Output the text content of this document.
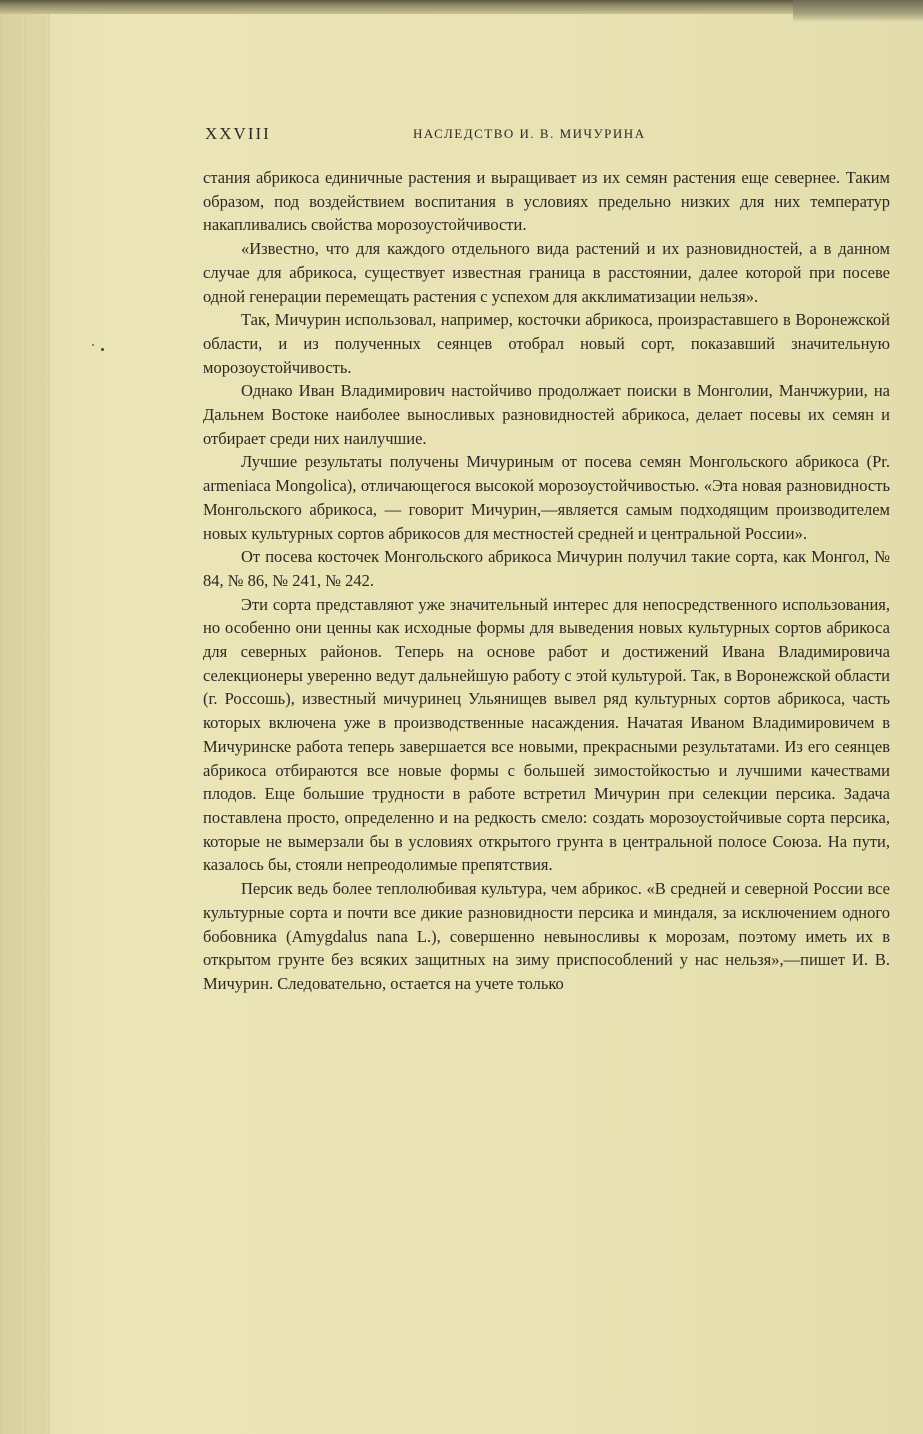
XXVIII	НАСЛЕДСТВО И. В. МИЧУРИНА

стания абрикоса единичные растения и выращивает из их семян растения еще севернее. Таким образом, под воздействием воспитания в условиях предельно низких для них температур накапливались свойства морозоустойчивости.

«Известно, что для каждого отдельного вида растений и их разновидностей, а в данном случае для абрикоса, существует известная граница в расстоянии, далее которой при посеве одной генерации перемещать растения с успехом для акклиматизации нельзя».

Так, Мичурин использовал, например, косточки абрикоса, произраставшего в Воронежской области, и из полученных сеянцев отобрал новый сорт, показавший значительную морозоустойчивость.

Однако Иван Владимирович настойчиво продолжает поиски в Монголии, Манчжурии, на Дальнем Востоке наиболее выносливых разновидностей абрикоса, делает посевы их семян и отбирает среди них наилучшие.

Лучшие результаты получены Мичуриным от посева семян Монгольского абрикоса (Pr. armeniaca Mongolica), отличающегося высокой морозоустойчивостью. «Эта новая разновидность Монгольского абрикоса, — говорит Мичурин,—является самым подходящим производителем новых культурных сортов абрикосов для местностей средней и центральной России».

От посева косточек Монгольского абрикоса Мичурин получил такие сорта, как Монгол, № 84, № 86, № 241, № 242.

Эти сорта представляют уже значительный интерес для непосредственного использования, но особенно они ценны как исходные формы для выведения новых культурных сортов абрикоса для северных районов. Теперь на основе работ и достижений Ивана Владимировича селекционеры уверенно ведут дальнейшую работу с этой культурой. Так, в Воронежской области (г. Россошь), известный мичуринец Ульянищев вывел ряд культурных сортов абрикоса, часть которых включена уже в производственные насаждения. Начатая Иваном Владимировичем в Мичуринске работа теперь завершается все новыми, прекрасными результатами. Из его сеянцев абрикоса отбираются все новые формы с большей зимостойкостью и лучшими качествами плодов. Еще большие трудности в работе встретил Мичурин при селекции персика. Задача поставлена просто, определенно и на редкость смело: создать морозоустойчивые сорта персика, которые не вымерзали бы в условиях открытого грунта в центральной полосе Союза. На пути, казалось бы, стояли непреодолимые препятствия.

Персик ведь более теплолюбивая культура, чем абрикос. «В средней и северной России все культурные сорта и почти все дикие разновидности персика и миндаля, за исключением одного бобовника (Amygdalus nana L.), совершенно невыносливы к морозам, поэтому иметь их в открытом грунте без всяких защитных на зиму приспособлений у нас нельзя»,—пишет И. В. Мичурин. Следовательно, остается на учете только
